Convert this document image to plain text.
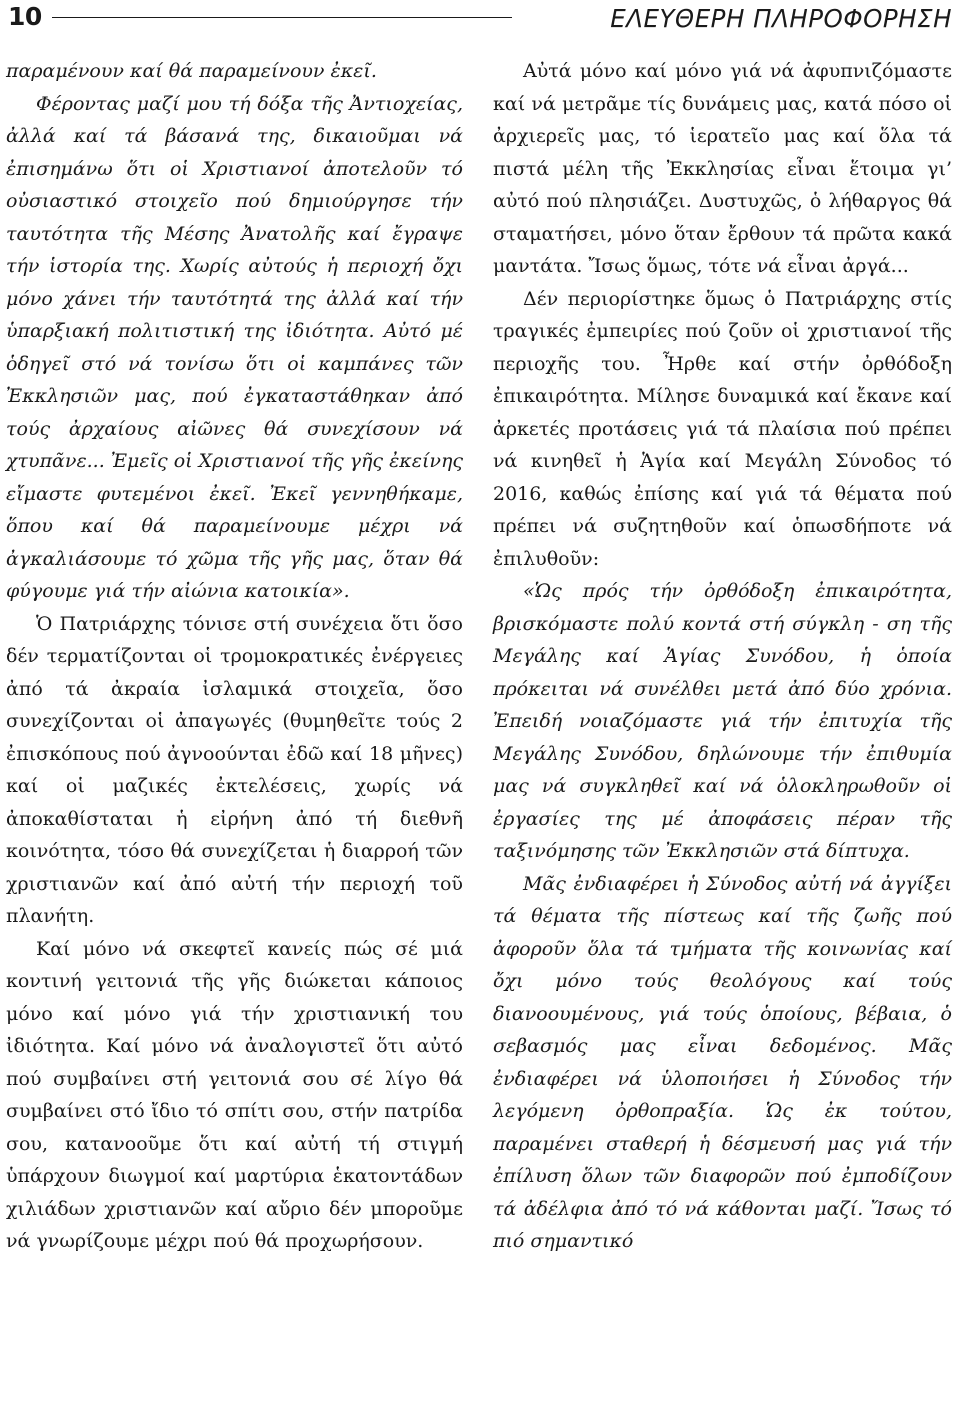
10	ΕΛΕΥΘΕΡΗ ΠΛΗΡΟΦΟΡΗΣΗ

παραμένουν καί θά παραμείνουν ἐκεῖ.

Φέροντας μαζί μου τή δόξα τῆς Ἀντιοχείας, ἀλλά καί τά βάσανά της, δικαιοῦμαι νά ἐπισημάνω ὅτι οἱ Χριστιανοί ἀποτελοῦν τό οὐσιαστικό στοιχεῖο πού δημιούργησε τήν ταυτότητα τῆς Μέσης Ἀνατολῆς καί ἔγραψε τήν ἱστορία της. Χωρίς αὐτούς ἡ περιοχή ὄχι μόνο χάνει τήν ταυτότητά της ἀλλά καί τήν ὑπαρξιακή πολιτιστική της ἰδιότητα. Αὐτό μέ ὁδηγεῖ στό νά τονίσω ὅτι οἱ καμπάνες τῶν Ἐκκλησιῶν μας, πού ἐγκαταστάθηκαν ἀπό τούς ἀρχαίους αἰῶνες θά συνεχίσουν νά χτυπᾶνε... Ἐμεῖς οἱ Χριστιανοί τῆς γῆς ἐκείνης εἴμαστε φυτεμένοι ἐκεῖ. Ἐκεῖ γεννηθήκαμε, ὅπου καί θά παραμείνουμε μέχρι νά ἀγκαλιάσουμε τό χῶμα τῆς γῆς μας, ὅταν θά φύγουμε γιά τήν αἰώνια κατοικία».

Ὁ Πατριάρχης τόνισε στή συνέχεια ὅτι ὅσο δέν τερματίζονται οἱ τρομοκρατικές ἐνέργειες ἀπό τά ἀκραία ἰσλαμικά στοιχεῖα, ὅσο συνεχίζονται οἱ ἀπαγωγές (θυμηθεῖτε τούς 2 ἐπισκόπους πού ἀγνοούνται ἐδῶ καί 18 μῆνες) καί οἱ μαζικές ἐκτελέσεις, χωρίς νά ἀποκαθίσταται ἡ εἰρήνη ἀπό τή διεθνῆ κοινότητα, τόσο θά συνεχίζεται ἡ διαρροή τῶν χριστιανῶν καί ἀπό αὐτή τήν περιοχή τοῦ πλανήτη.

Καί μόνο νά σκεφτεῖ κανείς πώς σέ μιά κοντινή γειτονιά τῆς γῆς διώκεται κάποιος μόνο καί μόνο γιά τήν χριστιανική του ἰδιότητα. Καί μόνο νά ἀναλογιστεῖ ὅτι αὐτό πού συμβαίνει στή γειτονιά σου σέ λίγο θά συμβαίνει στό ἴδιο τό σπίτι σου, στήν πατρίδα σου, κατανοοῦμε ὅτι καί αὐτή τή στιγμή ὑπάρχουν διωγμοί καί μαρτύρια ἑκατοντάδων χιλιάδων χριστιανῶν καί αὔριο δέν μποροῦμε νά γνωρίζουμε μέχρι πού θά προχωρήσουν.

Αὐτά μόνο καί μόνο γιά νά ἀφυπνιζόμαστε καί νά μετρᾶμε τίς δυνάμεις μας, κατά πόσο οἱ ἀρχιερεῖς μας, τό ἱερατεῖο μας καί ὅλα τά πιστά μέλη τῆς Ἐκκλησίας εἶναι ἕτοιμα γι’ αὐτό πού πλησιάζει. Δυστυχῶς, ὁ λήθαργος θά σταματήσει, μόνο ὅταν ἔρθουν τά πρῶτα κακά μαντάτα. Ἴσως ὅμως, τότε νά εἶναι ἀργά...

Δέν περιορίστηκε ὅμως ὁ Πατριάρχης στίς τραγικές ἐμπειρίες πού ζοῦν οἱ χριστιανοί τῆς περιοχῆς του. Ἦρθε καί στήν ὀρθόδοξη ἐπικαιρότητα. Μίλησε δυναμικά καί ἔκανε καί ἀρκετές προτάσεις γιά τά πλαίσια πού πρέπει νά κινηθεῖ ἡ Ἁγία καί Μεγάλη Σύνοδος τό 2016, καθώς ἐπίσης καί γιά τά θέματα πού πρέπει νά συζητηθοῦν καί ὁπωσδήποτε νά ἐπιλυθοῦν:

«Ὡς πρός τήν ὀρθόδοξη ἐπικαιρότητα, βρισκόμαστε πολύ κοντά στή σύγκλη - ση τῆς Μεγάλης καί Ἁγίας Συνόδου, ἡ ὁποία πρόκειται νά συνέλθει μετά ἀπό δύο χρόνια. Ἐπειδή νοιαζόμαστε γιά τήν ἐπιτυχία τῆς Μεγάλης Συνόδου, δηλώνουμε τήν ἐπιθυμία μας νά συγκληθεῖ καί νά ὁλοκληρωθοῦν οἱ ἐργασίες της μέ ἀποφάσεις πέραν τῆς ταξινόμησης τῶν Ἐκκλησιῶν στά δίπτυχα.

Μᾶς ἐνδιαφέρει ἡ Σύνοδος αὐτή νά ἀγγίξει τά θέματα τῆς πίστεως καί τῆς ζωῆς πού ἀφοροῦν ὅλα τά τμήματα τῆς κοινωνίας καί ὄχι μόνο τούς θεολόγους καί τούς διανοουμένους, γιά τούς ὁποίους, βέβαια, ὁ σεβασμός μας εἶναι δεδομένος. Μᾶς ἐνδιαφέρει νά ὑλοποιήσει ἡ Σύνοδος τήν λεγόμενη ὀρθοπραξία. Ὡς ἐκ τούτου, παραμένει σταθερή ἡ δέσμευσή μας γιά τήν ἐπίλυση ὅλων τῶν διαφορῶν πού ἐμποδίζουν τά ἀδέλφια ἀπό τό νά κάθονται μαζί. Ἴσως τό πιό σημαντικό
